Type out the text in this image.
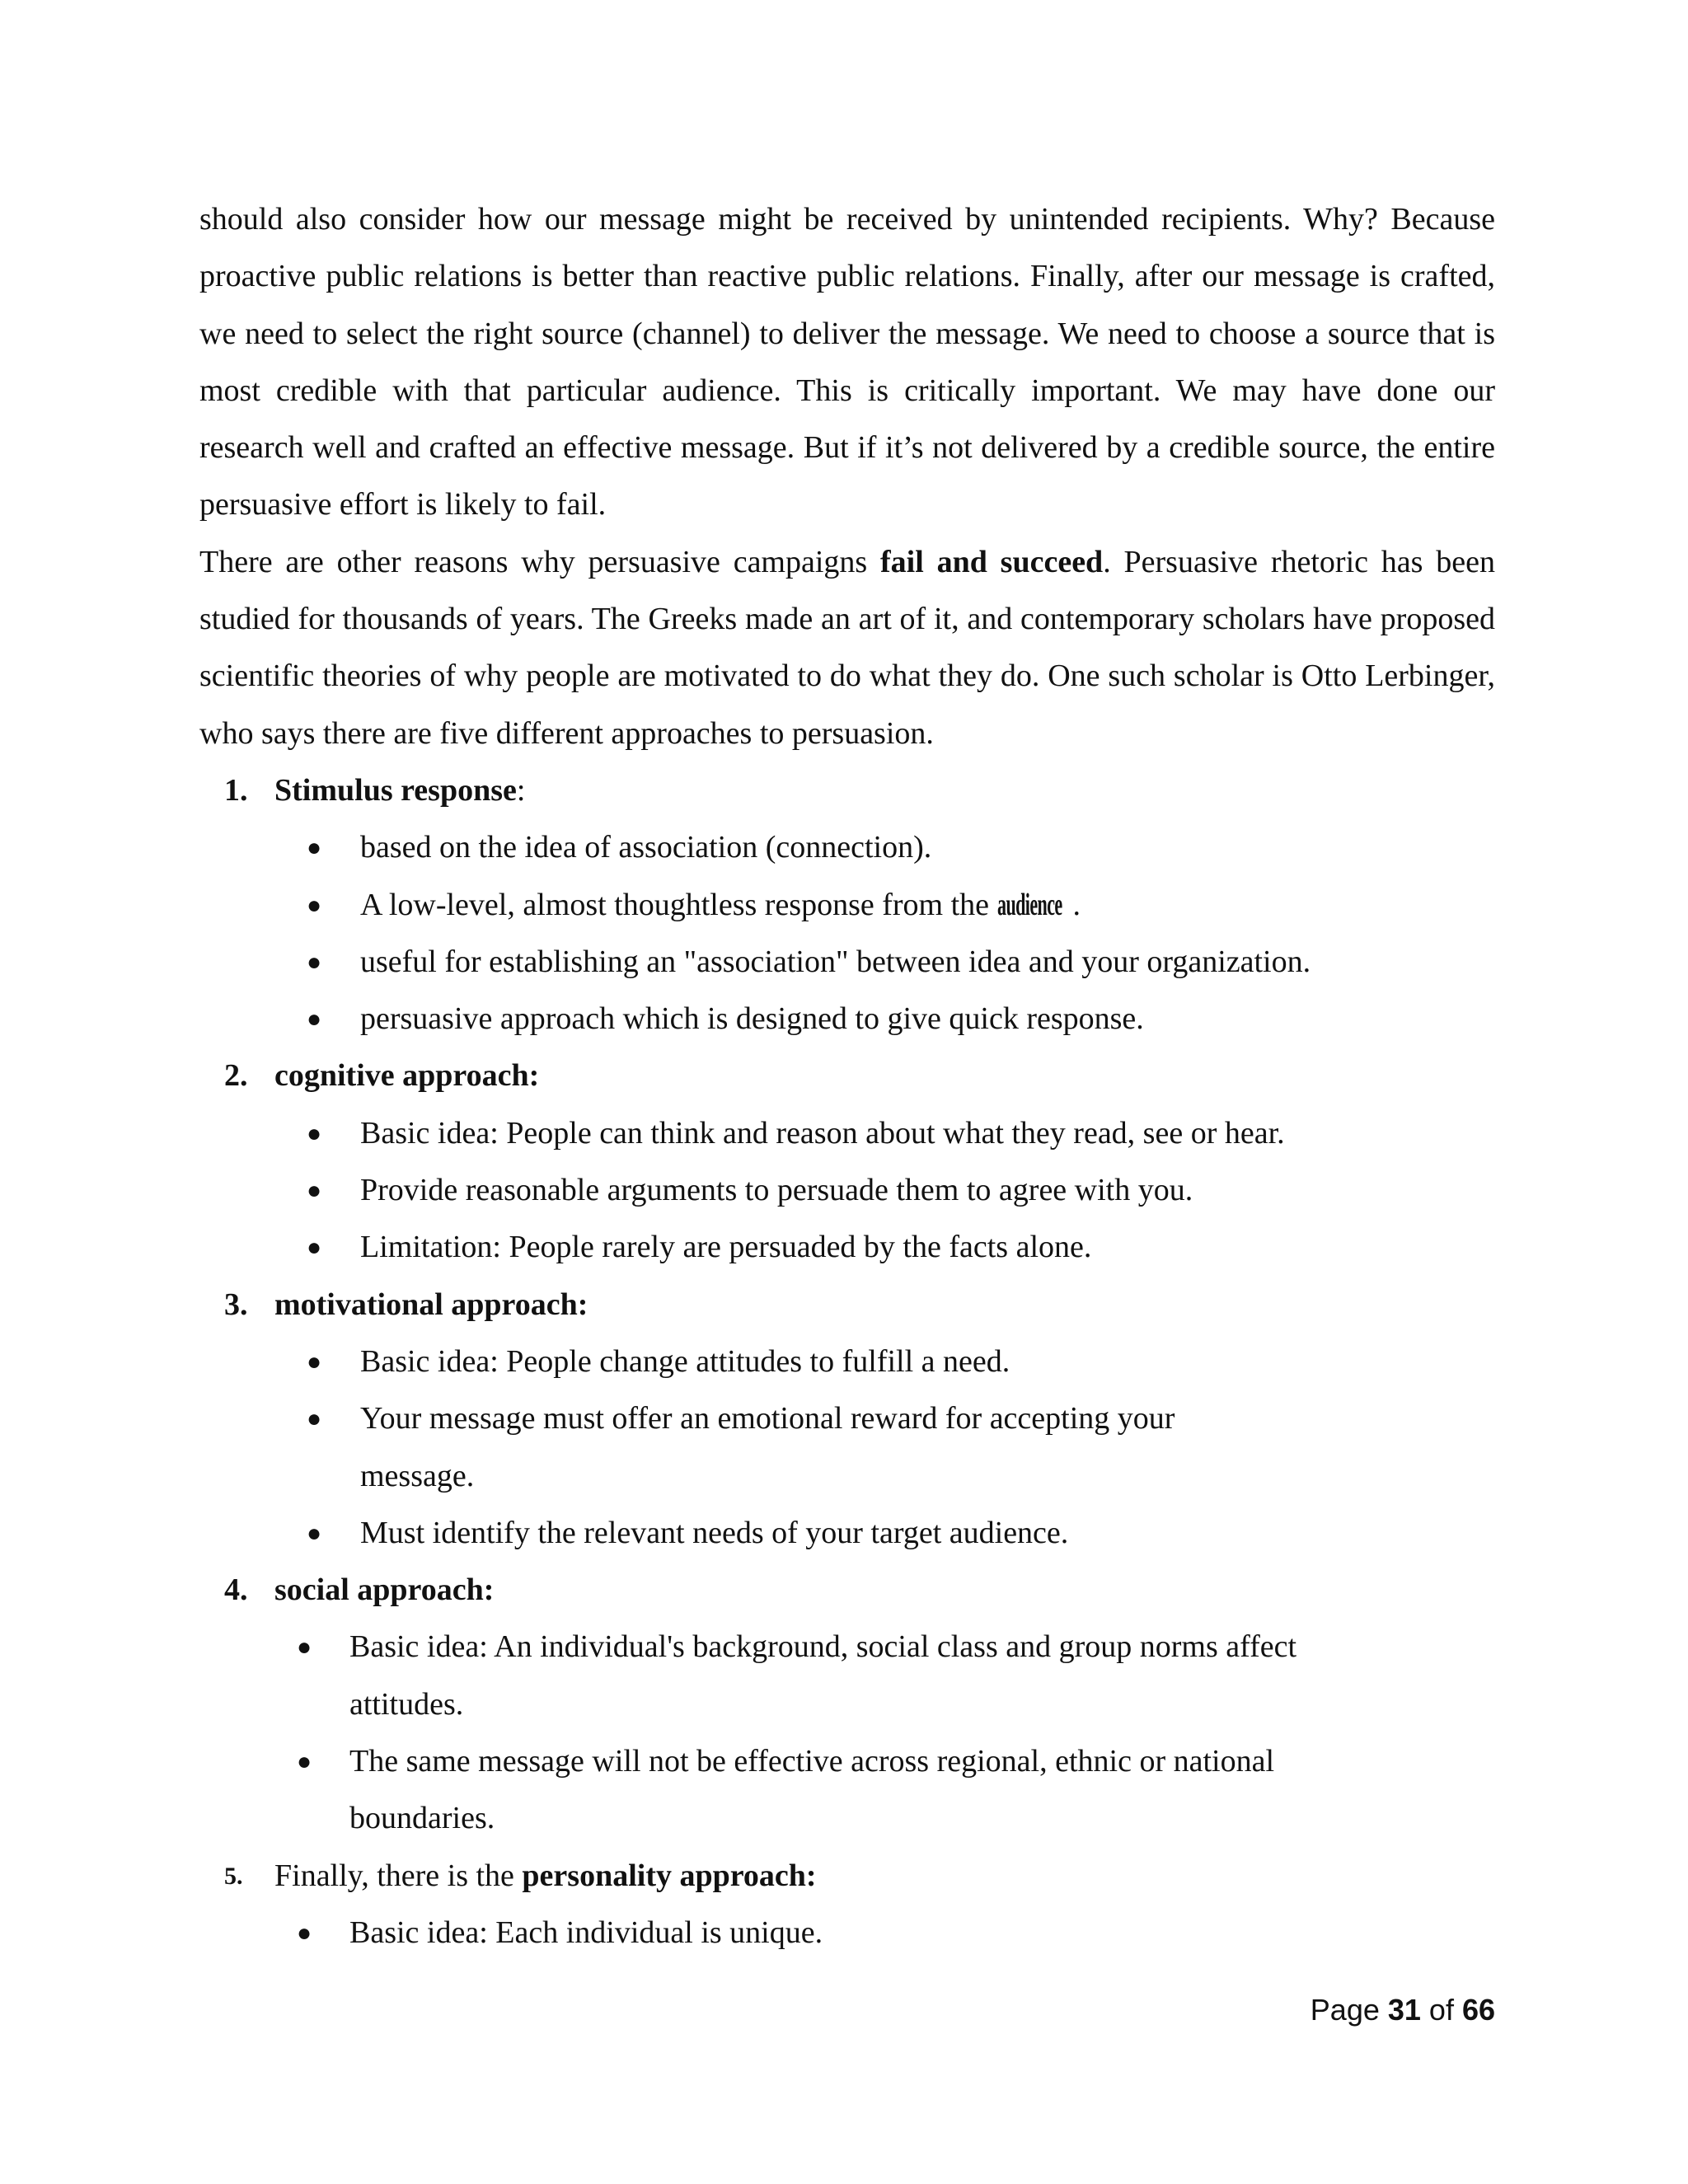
should also consider how our message might be received by unintended recipients. Why? Because proactive public relations is better than reactive public relations. Finally, after our message is crafted, we need to select the right source (channel) to deliver the message. We need to choose a source that is most credible with that particular audience. This is critically important. We may have done our research well and crafted an effective message. But if it’s not delivered by a credible source, the entire persuasive effort is likely to fail.

There are other reasons why persuasive campaigns fail and succeed. Persuasive rhetoric has been studied for thousands of years. The Greeks made an art of it, and contemporary scholars have proposed scientific theories of why people are motivated to do what they do. One such scholar is Otto Lerbinger, who says there are five different approaches to persuasion.

1. Stimulus response:
●	based on the idea of association (connection).
●	A low-level, almost thoughtless response from the audience .
●	useful for establishing an "association" between idea and your organization.
●	persuasive approach which is designed to give quick response.
2. cognitive approach:
●	Basic idea: People can think and reason about what they read, see or hear.
●	Provide reasonable arguments to persuade them to agree with you.
●	Limitation: People rarely are persuaded by the facts alone.
3. motivational approach:
●	Basic idea: People change attitudes to fulfill a need.
●	Your message must offer an emotional reward for accepting your
message.
●	Must identify the relevant needs of your target audience.
4. social approach:
●	Basic idea: An individual's background, social class and group norms affect
attitudes.
●	The same message will not be effective across regional, ethnic or national
boundaries.
5.	Finally, there is the personality approach:
●	Basic idea: Each individual is unique.
Page 31 of 66
